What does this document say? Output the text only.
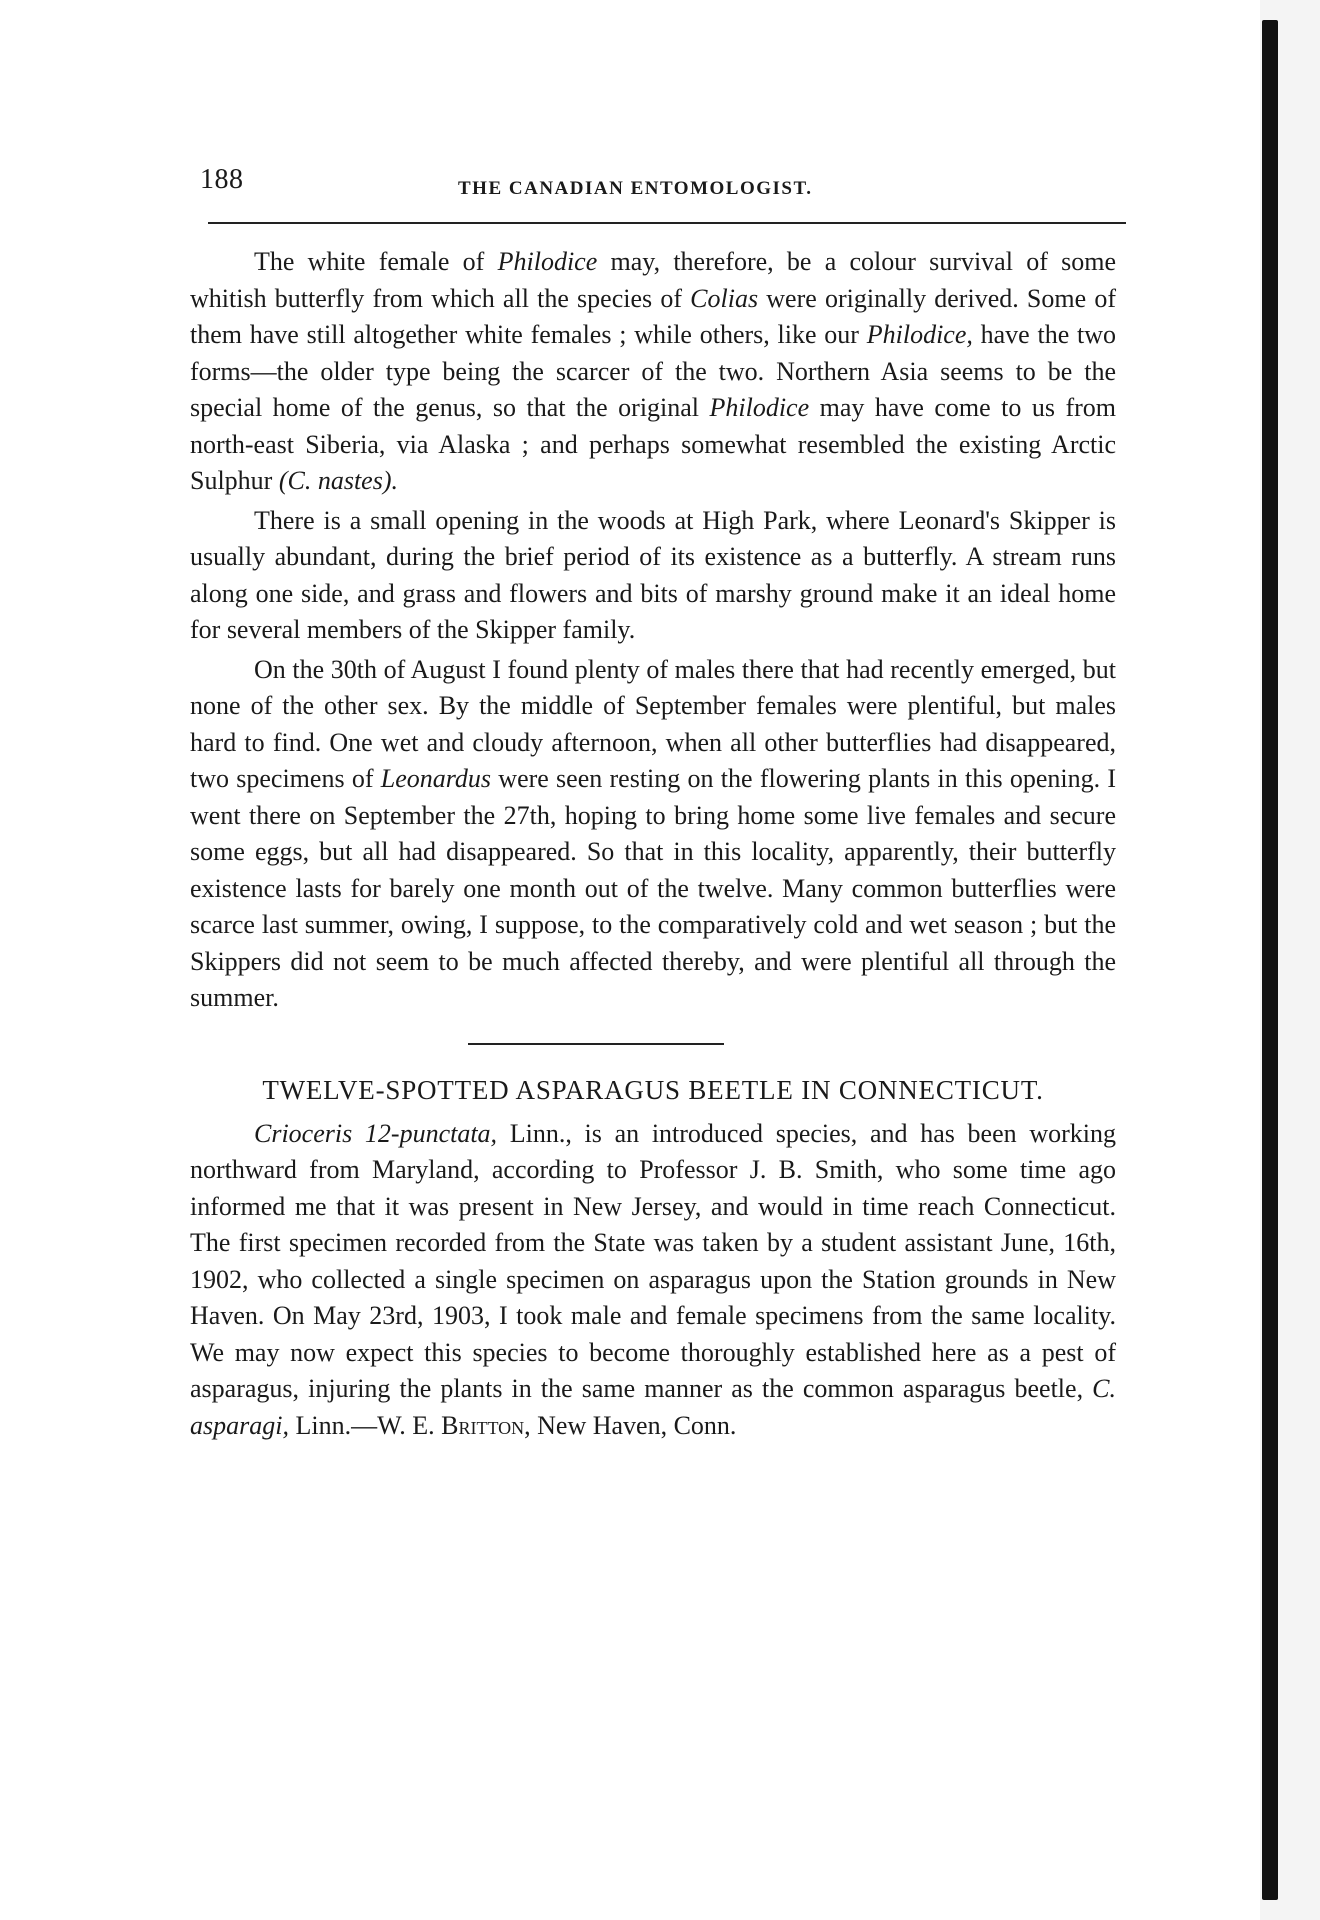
188	THE CANADIAN ENTOMOLOGIST.

The white female of Philodice may, therefore, be a colour survival of some whitish butterfly from which all the species of Colias were originally derived. Some of them have still altogether white females ; while others, like our Philodice, have the two forms—the older type being the scarcer of the two. Northern Asia seems to be the special home of the genus, so that the original Philodice may have come to us from north-east Siberia, via Alaska ; and perhaps somewhat resembled the existing Arctic Sulphur (C. nastes).

There is a small opening in the woods at High Park, where Leonard's Skipper is usually abundant, during the brief period of its existence as a butterfly. A stream runs along one side, and grass and flowers and bits of marshy ground make it an ideal home for several members of the Skipper family.

On the 30th of August I found plenty of males there that had recently emerged, but none of the other sex. By the middle of September females were plentiful, but males hard to find. One wet and cloudy afternoon, when all other butterflies had disappeared, two specimens of Leonardus were seen resting on the flowering plants in this opening. I went there on September the 27th, hoping to bring home some live females and secure some eggs, but all had disappeared. So that in this locality, apparently, their butterfly existence lasts for barely one month out of the twelve. Many common butterflies were scarce last summer, owing, I suppose, to the comparatively cold and wet season ; but the Skippers did not seem to be much affected thereby, and were plentiful all through the summer.

TWELVE-SPOTTED ASPARAGUS BEETLE IN CONNECTICUT.

Crioceris 12-punctata, Linn., is an introduced species, and has been working northward from Maryland, according to Professor J. B. Smith, who some time ago informed me that it was present in New Jersey, and would in time reach Connecticut. The first specimen recorded from the State was taken by a student assistant June, 16th, 1902, who collected a single specimen on asparagus upon the Station grounds in New Haven. On May 23rd, 1903, I took male and female specimens from the same locality. We may now expect this species to become thoroughly established here as a pest of asparagus, injuring the plants in the same manner as the common asparagus beetle, C. asparagi, Linn.—W. E. Britton, New Haven, Conn.
